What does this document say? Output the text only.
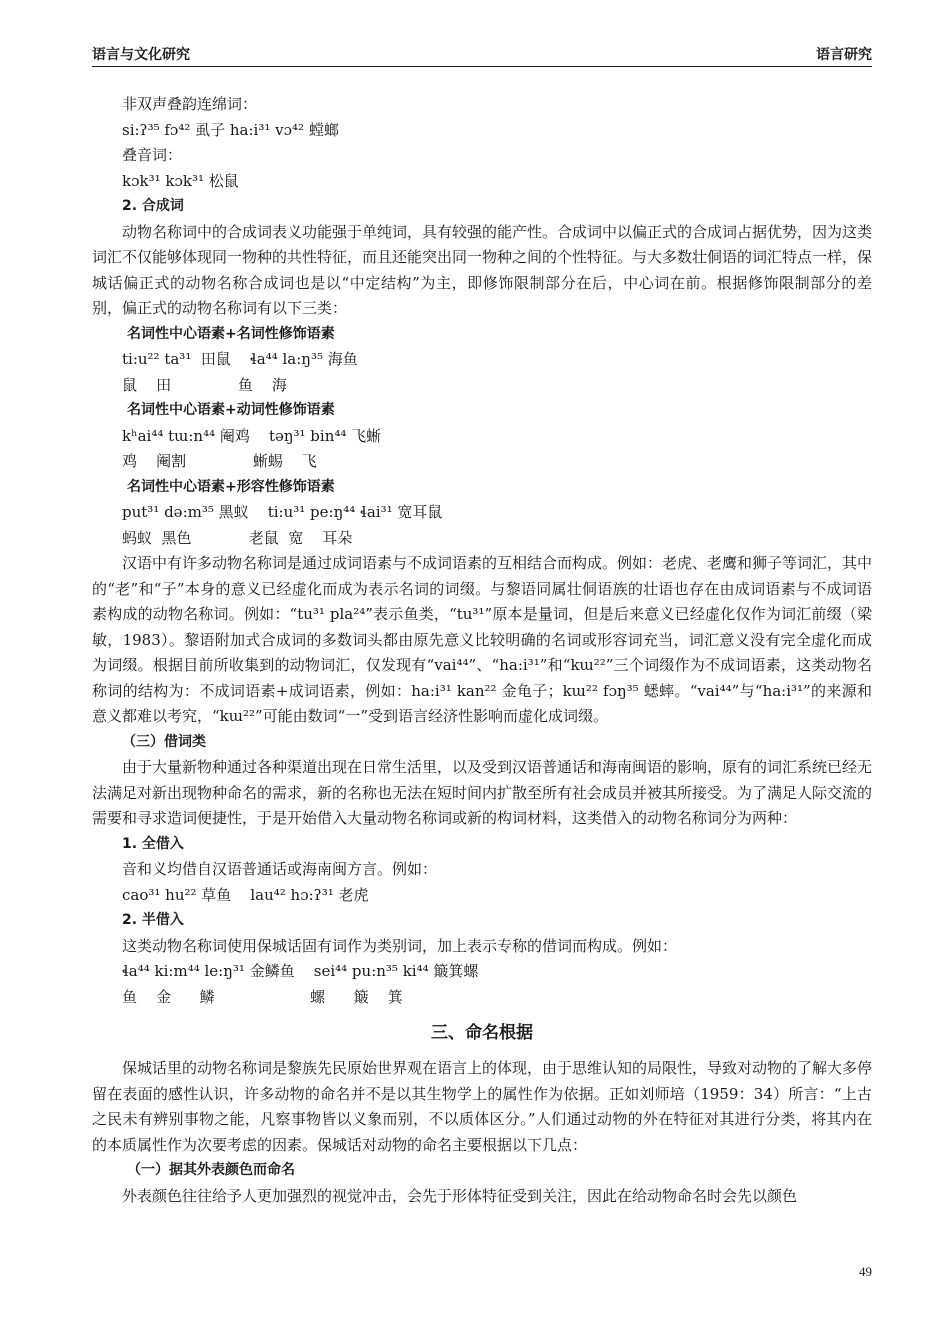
语言与文化研究	语言研究
非双声叠韵连绵词：
si:ʔ³⁵ fɔ⁴² 虱子 ha:i³¹ vɔ⁴² 螳螂
叠音词：
kɔk³¹ kɔk³¹ 松鼠
2. 合成词
动物名称词中的合成词表义功能强于单纯词，具有较强的能产性。合成词中以偏正式的合成词占据优势，因为这类词汇不仅能够体现同一物种的共性特征，而且还能突出同一物种之间的个性特征。与大多数壮侗语的词汇特点一样，保城话偏正式的动物名称合成词也是以“中定结构”为主，即修饰限制部分在后，中心词在前。根据修饰限制部分的差别，偏正式的动物名称词有以下三类：
名词性中心语素+名词性修饰语素
ti:u²² ta³¹  田鼠    ɬa⁴⁴ la:ŋ³⁵ 海鱼
鼠    田              鱼    海
名词性中心语素+动词性修饰语素
kʰai⁴⁴ tɯ:n⁴⁴ 阉鸡    təŋ³¹ bin⁴⁴ 飞蜥
鸡    阉割              蜥蜴    飞
名词性中心语素+形容性修饰语素
put³¹ də:m³⁵ 黑蚁    ti:u³¹ pe:ŋ⁴⁴ ɬai³¹ 宽耳鼠
蚂蚁  黑色            老鼠  宽    耳朵
汉语中有许多动物名称词是通过成词语素与不成词语素的互相结合而构成。例如：老虎、老鹰和狮子等词汇，其中的“老”和“子”本身的意义已经虚化而成为表示名词的词缀。与黎语同属壮侗语族的壮语也存在由成词语素与不成词语素构成的动物名称词。例如：“tu³¹ pla²⁴”表示鱼类，“tu³¹”原本是量词，但是后来意义已经虚化仅作为词汇前缀（梁敏，1983）。黎语附加式合成词的多数词头都由原先意义比较明确的名词或形容词充当，词汇意义没有完全虚化而成为词缀。根据目前所收集到的动物词汇，仅发现有“vai⁴⁴”、“ha:i³¹”和“kɯ²²”三个词缀作为不成词语素，这类动物名称词的结构为：不成词语素+成词语素，例如：ha:i³¹ kan²² 金龟子；kɯ²² fɔŋ³⁵ 蟋蟀。“vai⁴⁴”与“ha:i³¹”的来源和意义都难以考究，“kɯ²²”可能由数词“一”受到语言经济性影响而虚化成词缀。
（三）借词类
由于大量新物种通过各种渠道出现在日常生活里，以及受到汉语普通话和海南闽语的影响，原有的词汇系统已经无法满足对新出现物种命名的需求，新的名称也无法在短时间内扩散至所有社会成员并被其所接受。为了满足人际交流的需要和寻求造词便捷性，于是开始借入大量动物名称词或新的构词材料，这类借入的动物名称词分为两种：
1. 全借入
音和义均借自汉语普通话或海南闽方言。例如：
cao³¹ hu²² 草鱼    lau⁴² hɔ:ʔ³¹ 老虎
2. 半借入
这类动物名称词使用保城话固有词作为类别词，加上表示专称的借词而构成。例如：
ɬa⁴⁴ ki:m⁴⁴ le:ŋ³¹ 金鳞鱼    sei⁴⁴ pu:n³⁵ ki⁴⁴ 簸箕螺
鱼    金      鳞                    螺      簸    箕
三、命名根据
保城话里的动物名称词是黎族先民原始世界观在语言上的体现，由于思维认知的局限性，导致对动物的了解大多停留在表面的感性认识，许多动物的命名并不是以其生物学上的属性作为依据。正如刘师培（1959：34）所言：“上古之民未有辨别事物之能，凡察事物皆以义象而别，不以质体区分。”人们通过动物的外在特征对其进行分类，将其内在的本质属性作为次要考虑的因素。保城话对动物的命名主要根据以下几点：
（一）据其外表颜色而命名
外表颜色往往给予人更加强烈的视觉冲击，会先于形体特征受到关注，因此在给动物命名时会先以颜色
49
